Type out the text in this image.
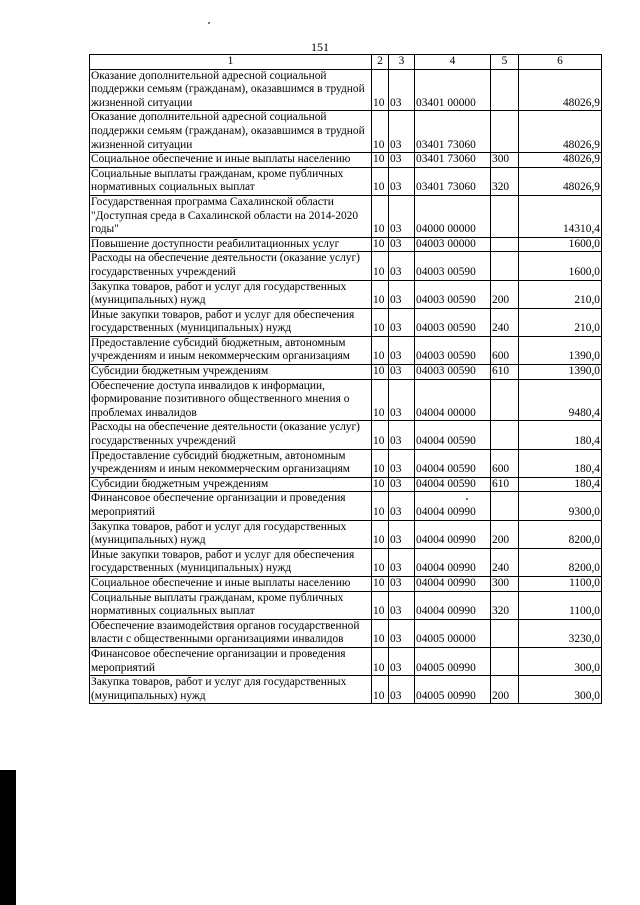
151
1	2	3	4	5	6
Оказание дополнительной адресной социальной поддержки семьям (гражданам), оказавшимся в трудной жизненной ситуации	10	03	03401 00000		48026,9
Оказание дополнительной адресной социальной поддержки семьям (гражданам), оказавшимся в трудной жизненной ситуации	10	03	03401 73060		48026,9
Социальное обеспечение и иные выплаты населению	10	03	03401 73060	300	48026,9
Социальные выплаты гражданам, кроме публичных нормативных социальных выплат	10	03	03401 73060	320	48026,9
Государственная программа Сахалинской области "Доступная среда в Сахалинской области на 2014-2020 годы"	10	03	04000 00000		14310,4
Повышение доступности реабилитационных услуг	10	03	04003 00000		1600,0
Расходы на обеспечение деятельности (оказание услуг) государственных учреждений	10	03	04003 00590		1600,0
Закупка товаров, работ и услуг для государственных (муниципальных) нужд	10	03	04003 00590	200	210,0
Иные закупки товаров, работ и услуг для обеспечения государственных (муниципальных) нужд	10	03	04003 00590	240	210,0
Предоставление субсидий бюджетным, автономным учреждениям и иным некоммерческим организациям	10	03	04003 00590	600	1390,0
Субсидии бюджетным учреждениям	10	03	04003 00590	610	1390,0
Обеспечение доступа инвалидов к информации, формирование позитивного общественного мнения о проблемах инвалидов	10	03	04004 00000		9480,4
Расходы на обеспечение деятельности (оказание услуг) государственных учреждений	10	03	04004 00590		180,4
Предоставление субсидий бюджетным, автономным учреждениям и иным некоммерческим организациям	10	03	04004 00590	600	180,4
Субсидии бюджетным учреждениям	10	03	04004 00590	610	180,4
Финансовое обеспечение организации и проведения мероприятий	10	03	04004 00990		9300,0
Закупка товаров, работ и услуг для государственных (муниципальных) нужд	10	03	04004 00990	200	8200,0
Иные закупки товаров, работ и услуг для обеспечения государственных (муниципальных) нужд	10	03	04004 00990	240	8200,0
Социальное обеспечение и иные выплаты населению	10	03	04004 00990	300	1100,0
Социальные выплаты гражданам, кроме публичных нормативных социальных выплат	10	03	04004 00990	320	1100,0
Обеспечение взаимодействия органов государственной власти с общественными организациями инвалидов	10	03	04005 00000		3230,0
Финансовое обеспечение организации и проведения мероприятий	10	03	04005 00990		300,0
Закупка товаров, работ и услуг для государственных (муниципальных) нужд	10	03	04005 00990	200	300,0
